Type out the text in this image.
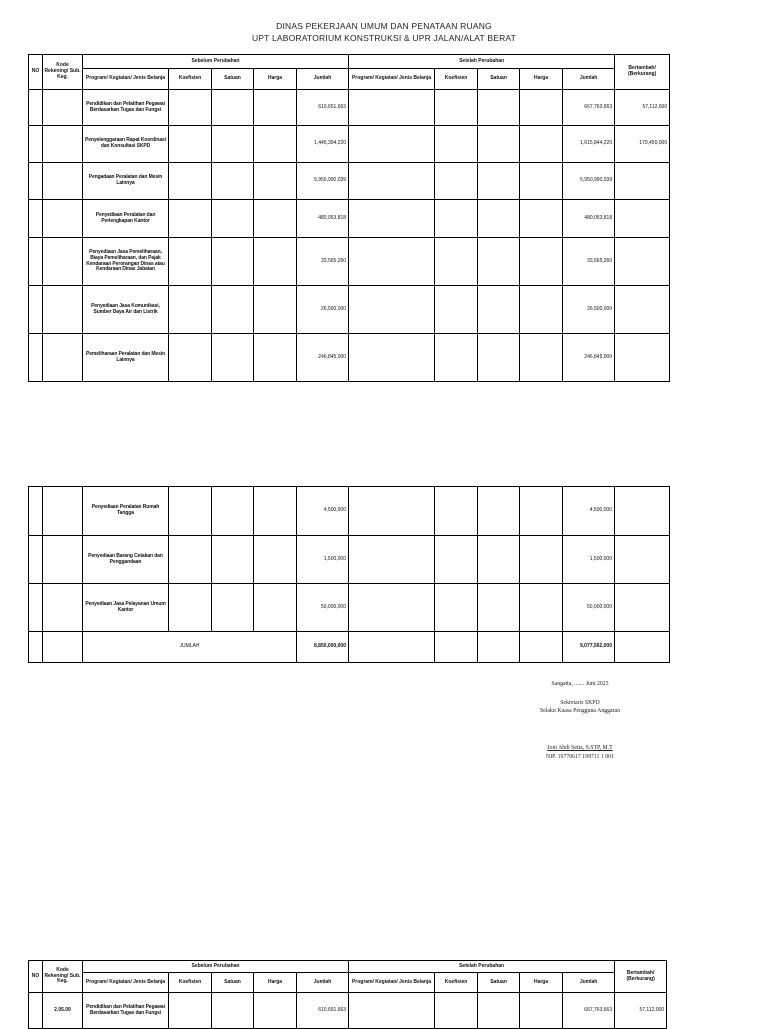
DINAS PEKERJAAN UMUM DAN PENATAAN RUANG
UPT LABORATORIUM KONSTRUKSI & UPR JALAN/ALAT BERAT
NO	Kode Rekening/ Sub. Keg.	Sebelum Perubahan					Setelah Perubahan					Bertambah/ (Berkurang)
		Program/ Kegiatan/ Jenis Belanja	Koefisien	Satuan	Harga	Jumlah	Program/ Kegiatan/ Jenis Belanja	Koefisien	Satuan	Harga	Jumlah	
		Pendidikan dan Pelatihan Pegawai Berdasarkan Tugas dan Fungsi				610,651,663					667,763,663	57,112,000
		Penyelenggaraan Rapat Koordinasi dan Konsultasi SKPD				1,445,394,220					1,615,844,220	170,450,000
		Pengadaan Peralatan dan Mesin Lainnya				5,950,990,039					5,950,990,039	
		Penyediaan Peralatan dan Perlengkapan Kantor				480,053,818					480,053,818	
		Penyediaan Jasa Pemeliharaan, Biaya Pemeliharaan, dan Pajak Kendaraan Perorangan Dinas atau Kendaraan Dinas Jabatan				33,565,260					33,565,260	
		Penyediaan Jasa Komunikasi, Sumber Daya Air dan Listrik				26,500,000					26,500,000	
		Pemeliharaan Peralatan dan Mesin Lainnya				246,845,000					246,845,000	
		Penyediaan Peralatan Rumah Tangga				4,500,000					4,500,000	
		Penyediaan Barang Cetakan dan Penggandaan				1,500,000					1,500,000	
		Penyediaan Jasa Pelayanan Umum Kantor				50,000,000					50,000,000	
		JUMLAH				8,850,000,000					9,077,562,000	
Sangatta, ....... Juni 2023
Sekretaris SKPD
Selaku Kuasa Pengguna Anggaran
Joni Abdi Setia, S.STP, M.T
NIP. 19770617 199711 1 001
NO	Kode Rekening/ Sub. Keg.	Sebelum Perubahan					Setelah Perubahan					Bertambah/ (Berkurang)
		Program/ Kegiatan/ Jenis Belanja	Koefisien	Satuan	Harga	Jumlah	Program/ Kegiatan/ Jenis Belanja	Koefisien	Satuan	Harga	Jumlah	
	2.05.09	Pendidikan dan Pelatihan Pegawai Berdasarkan Tugas dan Fungsi				610,651,663					667,763,663	57,112,000
